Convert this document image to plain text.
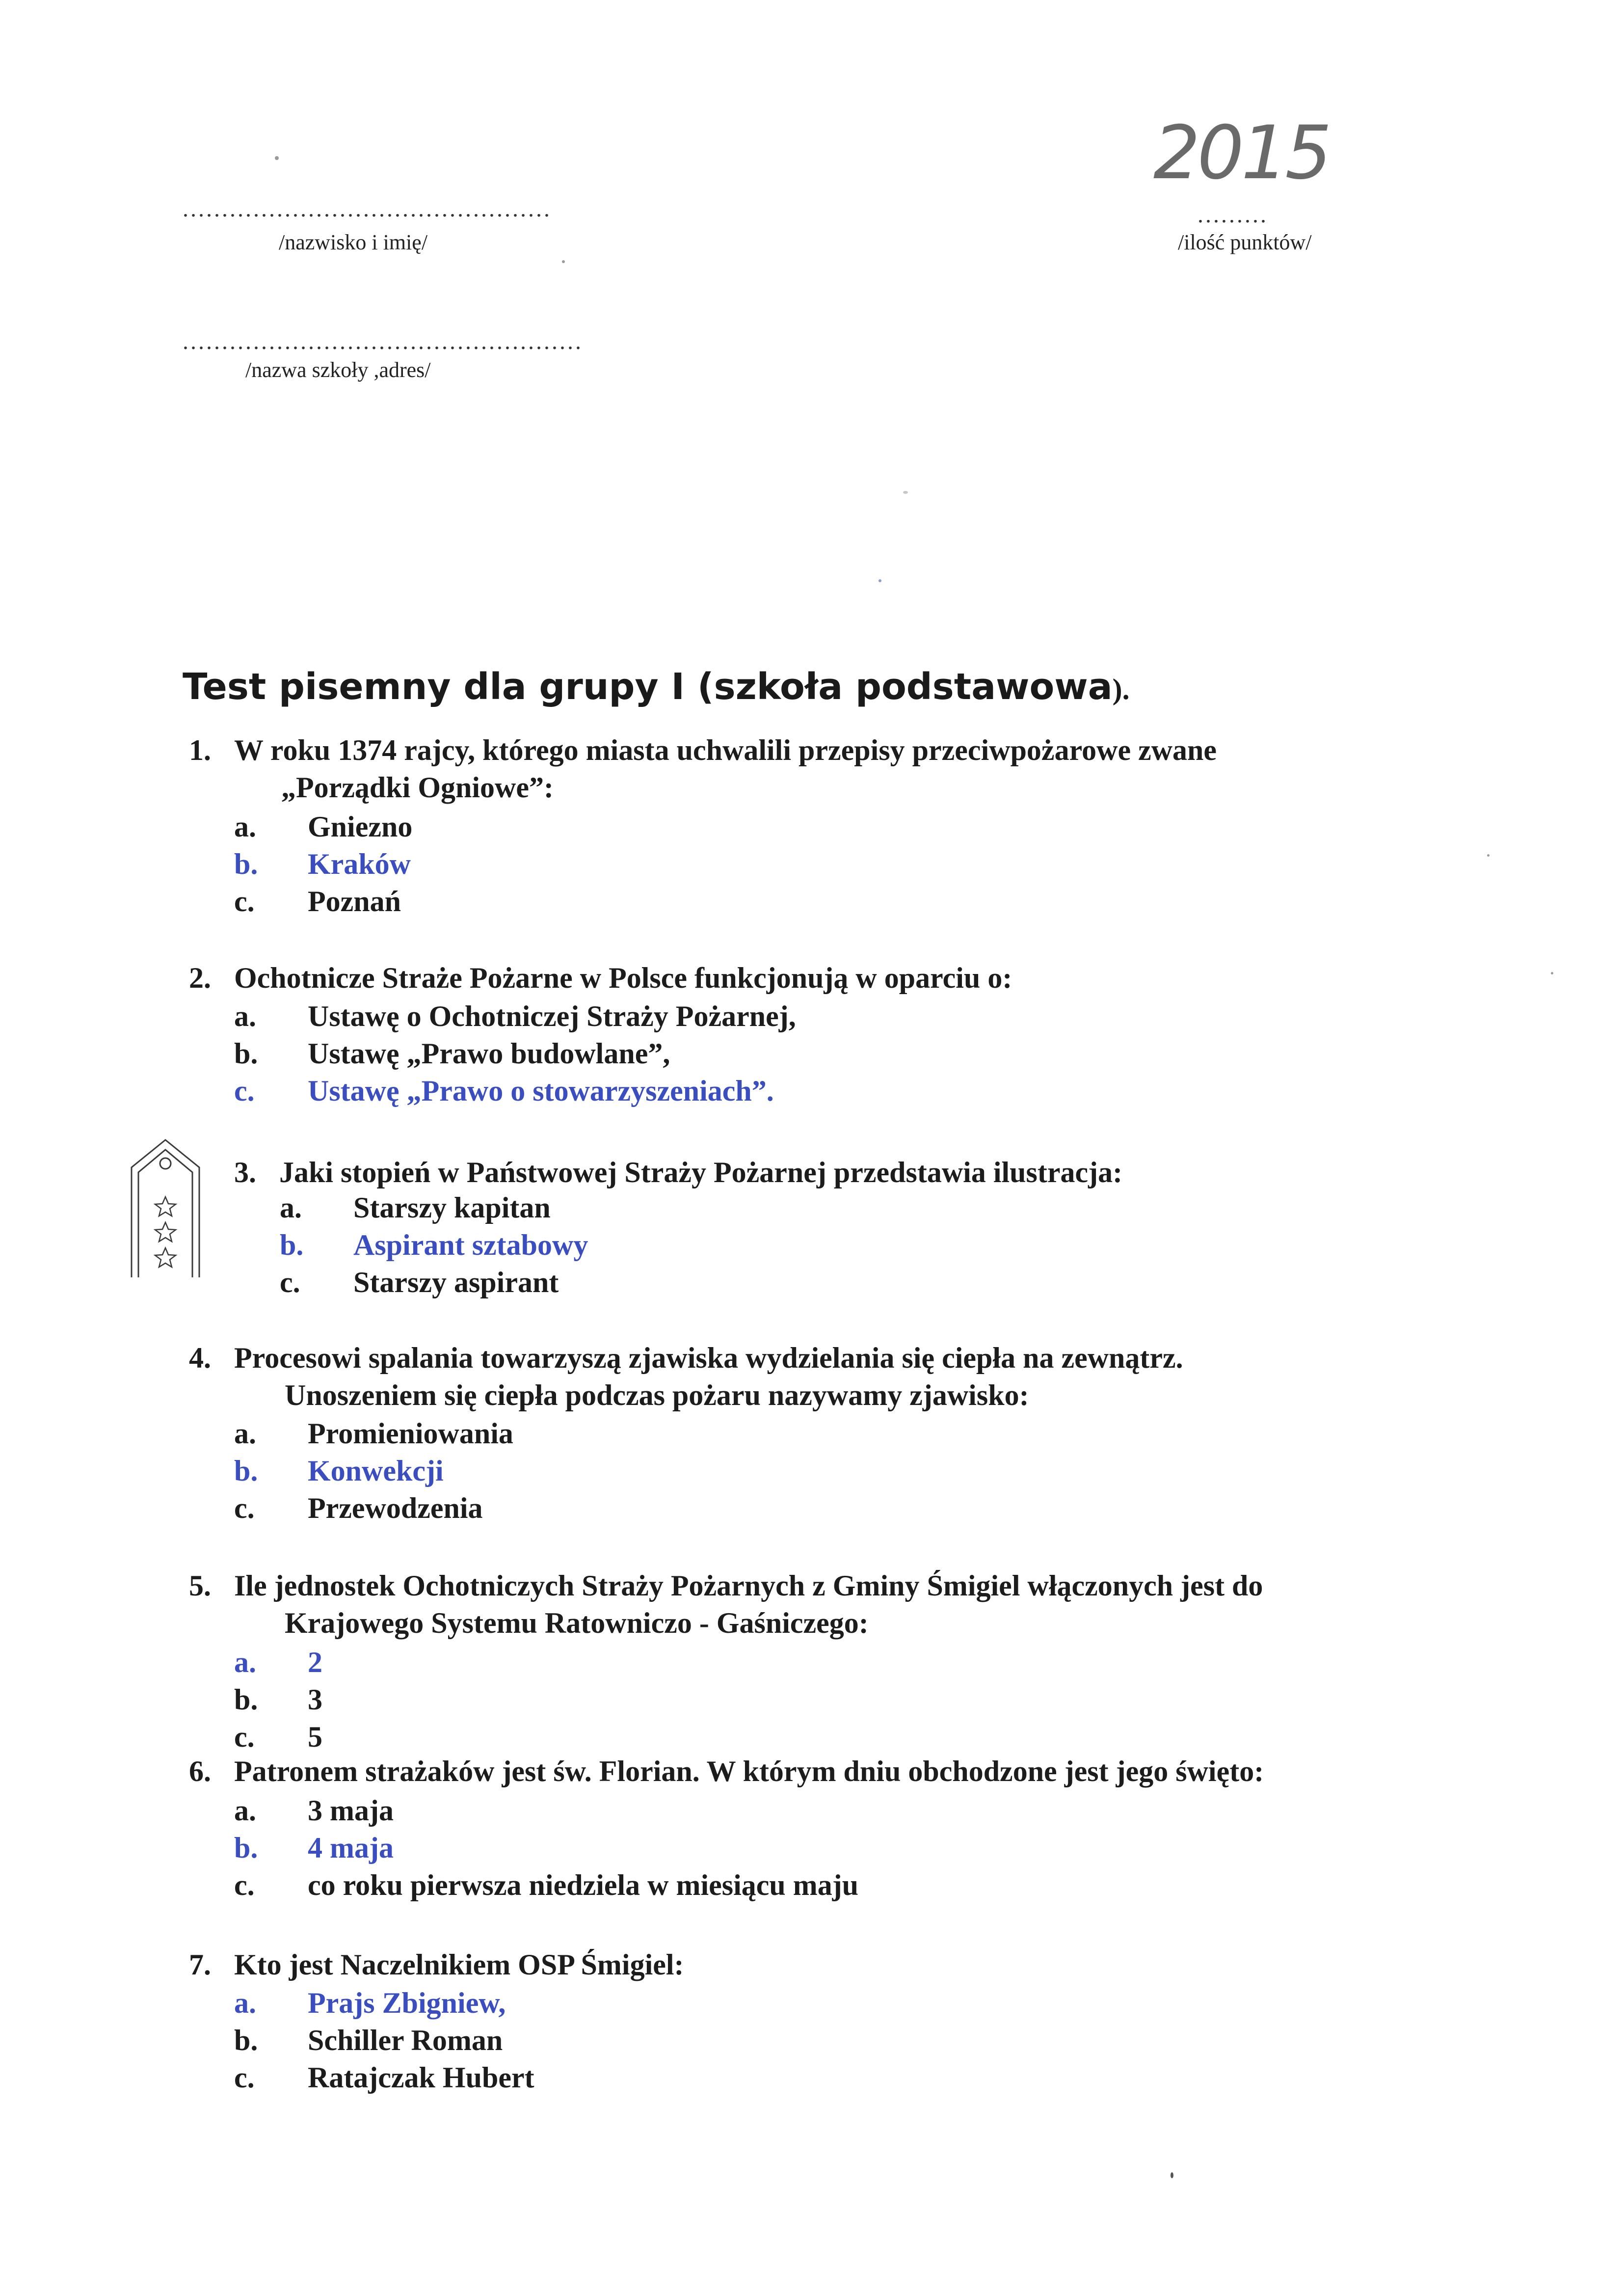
...............................................
/nazwisko i imię/
2015
.........
/ilość punktów/
...................................................
/nazwa szkoły ,adres/
Test pisemny dla grupy I (szkoła podstawowa).
1. W roku 1374 rajcy, którego miasta uchwalili przepisy przeciwpożarowe zwane
„Porządki Ogniowe”:
a. Gniezno
b. Kraków
c. Poznań
2. Ochotnicze Straże Pożarne w Polsce funkcjonują w oparciu o:
a. Ustawę o Ochotniczej Straży Pożarnej,
b. Ustawę „Prawo budowlane”,
c. Ustawę „Prawo o stowarzyszeniach”.
3. Jaki stopień w Państwowej Straży Pożarnej przedstawia ilustracja:
a. Starszy kapitan
b. Aspirant sztabowy
c. Starszy aspirant
4. Procesowi spalania towarzyszą zjawiska wydzielania się ciepła na zewnątrz.
Unoszeniem się ciepła podczas pożaru nazywamy zjawisko:
a. Promieniowania
b. Konwekcji
c. Przewodzenia
5. Ile jednostek Ochotniczych Straży Pożarnych z Gminy Śmigiel włączonych jest do
Krajowego Systemu Ratowniczo - Gaśniczego:
a. 2
b. 3
c. 5
6. Patronem strażaków jest św. Florian. W którym dniu obchodzone jest jego święto:
a. 3 maja
b. 4 maja
c. co roku pierwsza niedziela w miesiącu maju
7. Kto jest Naczelnikiem OSP Śmigiel:
a. Prajs Zbigniew,
b. Schiller Roman
c. Ratajczak Hubert
